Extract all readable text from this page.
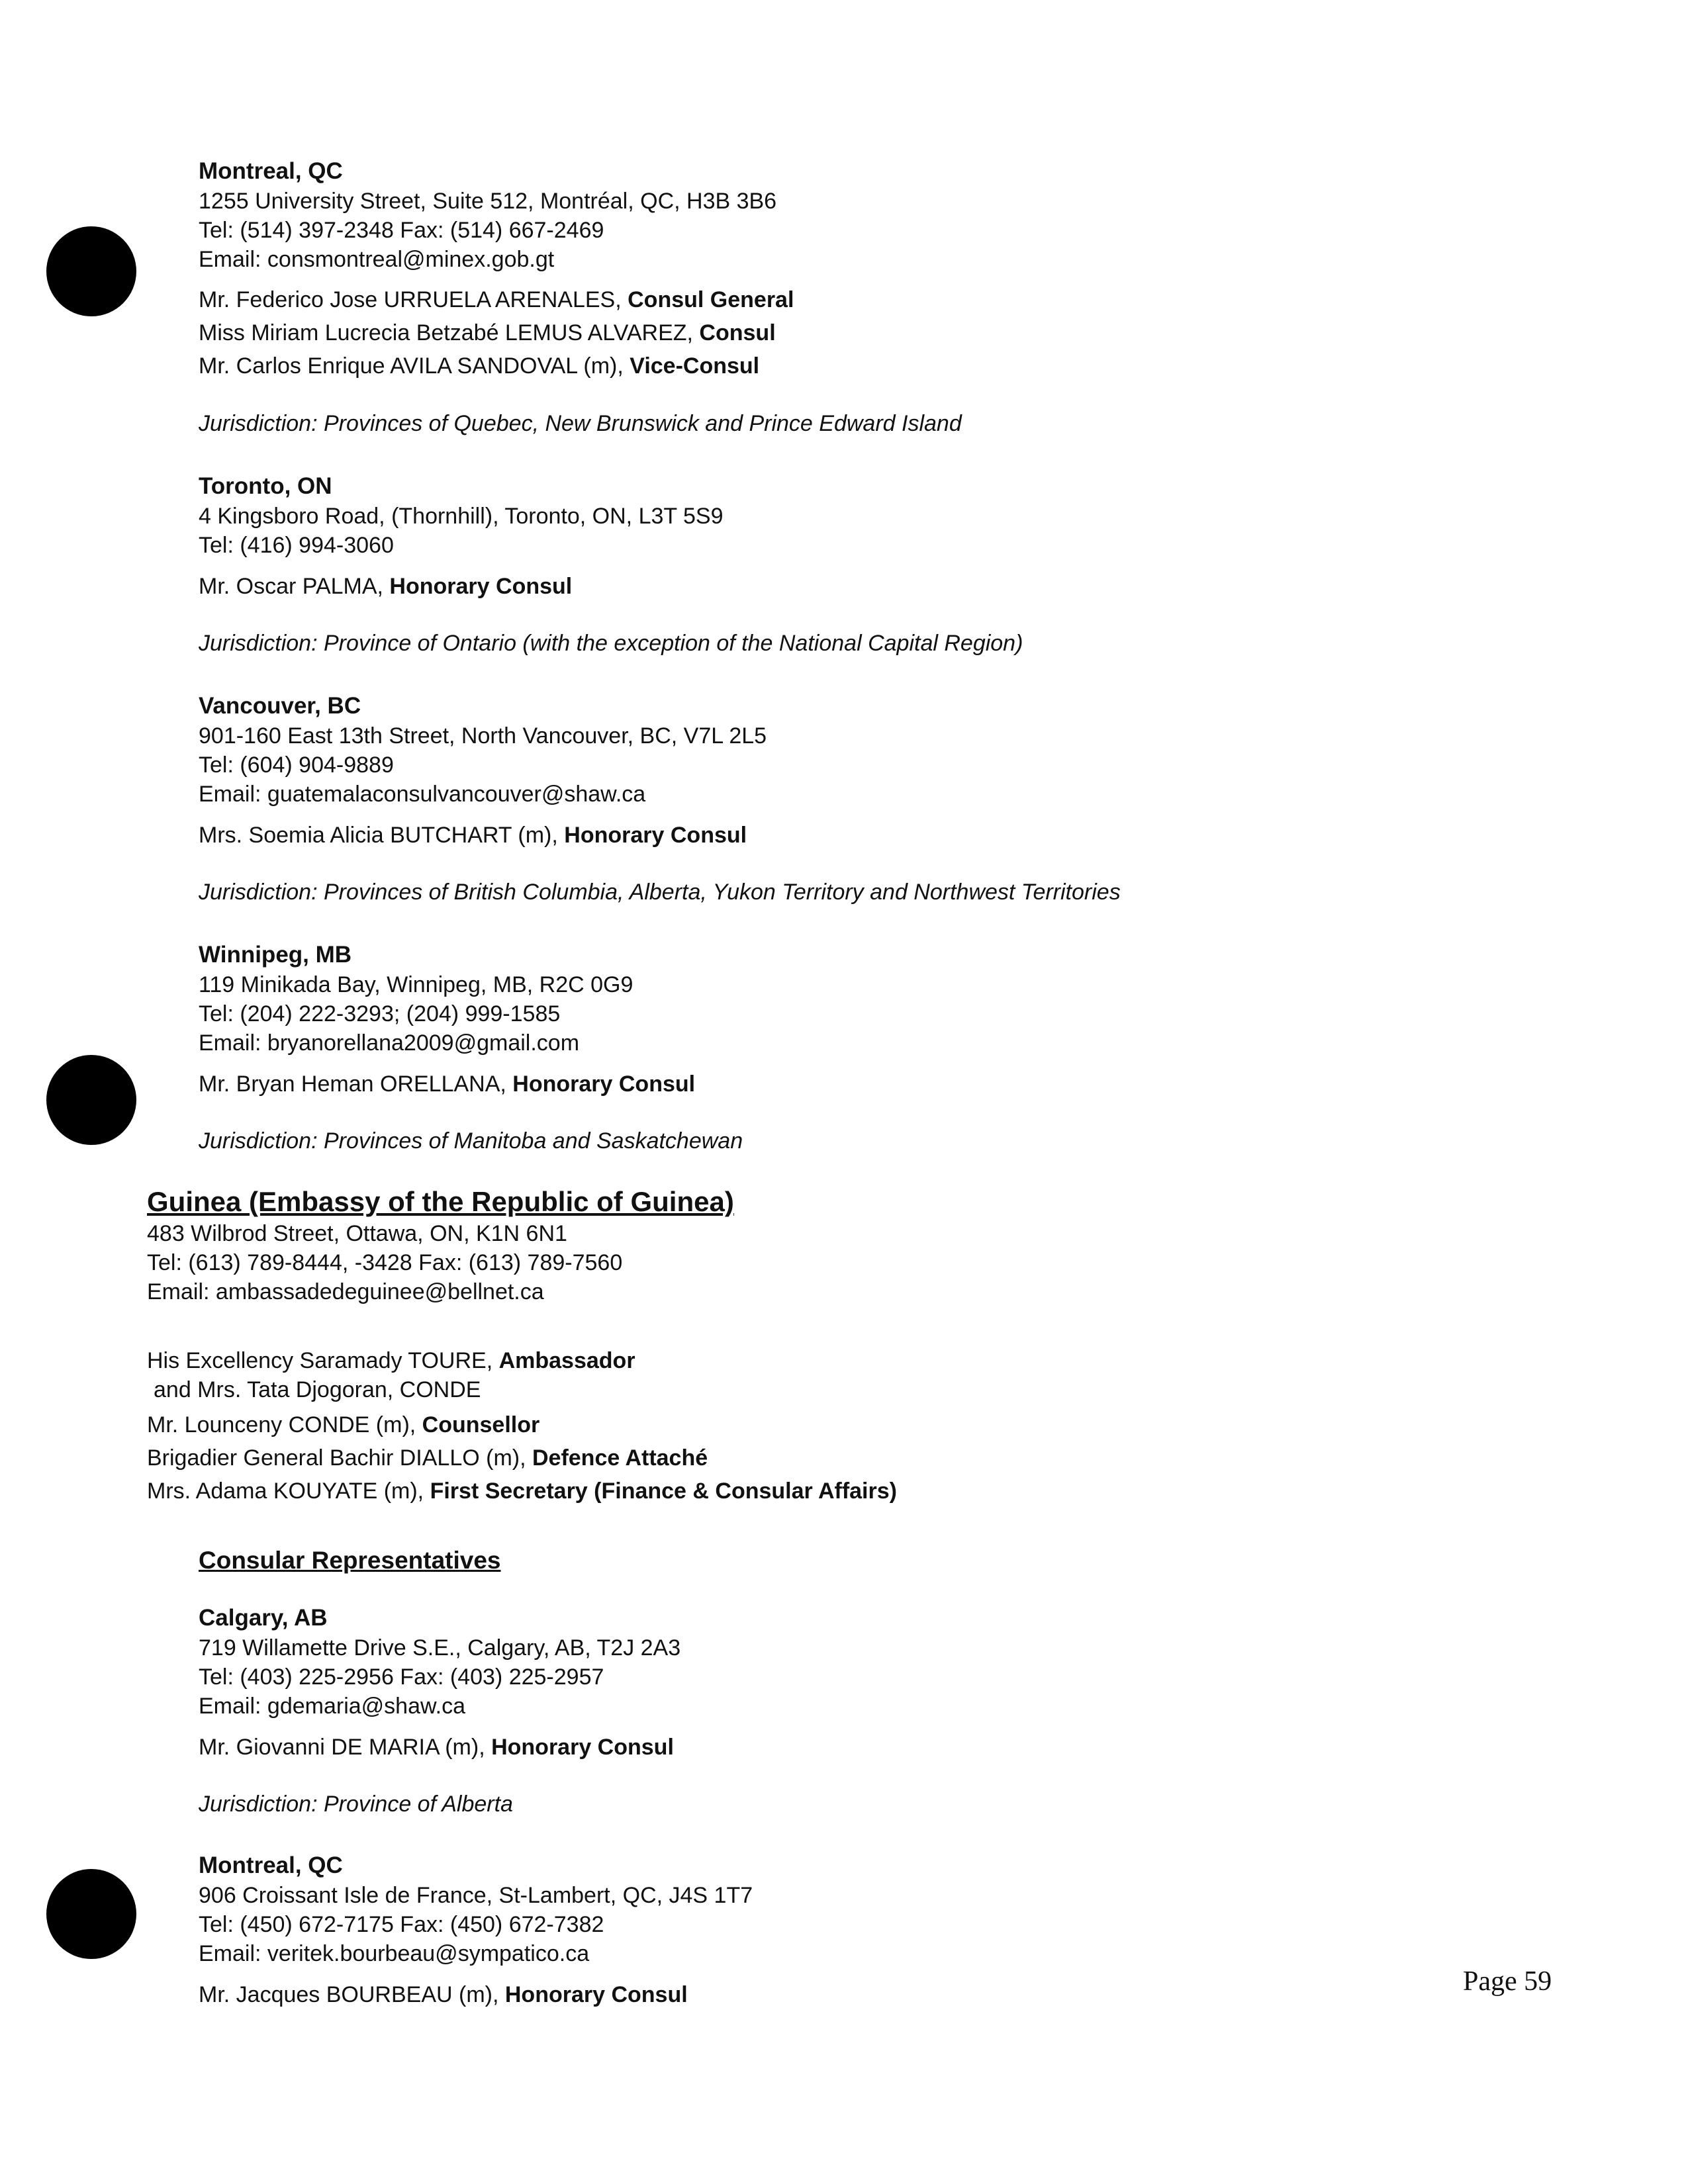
Montreal, QC
1255 University Street, Suite 512, Montréal, QC, H3B 3B6
Tel: (514) 397-2348 Fax: (514) 667-2469
Email: consmontreal@minex.gob.gt
Mr. Federico Jose URRUELA ARENALES, Consul General
Miss Miriam Lucrecia Betzabé LEMUS ALVAREZ, Consul
Mr. Carlos Enrique AVILA SANDOVAL (m), Vice-Consul
Jurisdiction: Provinces of Quebec, New Brunswick and Prince Edward Island
Toronto, ON
4 Kingsboro Road, (Thornhill), Toronto, ON, L3T 5S9
Tel: (416) 994-3060
Mr. Oscar PALMA, Honorary Consul
Jurisdiction: Province of Ontario (with the exception of the National Capital Region)
Vancouver, BC
901-160 East 13th Street, North Vancouver, BC, V7L 2L5
Tel: (604) 904-9889
Email: guatemalaconsulvancouver@shaw.ca
Mrs. Soemia Alicia BUTCHART (m), Honorary Consul
Jurisdiction: Provinces of British Columbia, Alberta, Yukon Territory and Northwest Territories
Winnipeg, MB
119 Minikada Bay, Winnipeg, MB, R2C 0G9
Tel: (204) 222-3293; (204) 999-1585
Email: bryanorellana2009@gmail.com
Mr. Bryan Heman ORELLANA, Honorary Consul
Jurisdiction: Provinces of Manitoba and Saskatchewan
Guinea (Embassy of the Republic of Guinea)
483 Wilbrod Street, Ottawa, ON, K1N 6N1
Tel: (613) 789-8444, -3428 Fax: (613) 789-7560
Email: ambassadedeguinee@bellnet.ca
His Excellency Saramady TOURE, Ambassador
and Mrs. Tata Djogoran, CONDE
Mr. Lounceny CONDE (m), Counsellor
Brigadier General Bachir DIALLO (m), Defence Attaché
Mrs. Adama KOUYATE (m), First Secretary (Finance & Consular Affairs)
Consular Representatives
Calgary, AB
719 Willamette Drive S.E., Calgary, AB, T2J 2A3
Tel: (403) 225-2956 Fax: (403) 225-2957
Email: gdemaria@shaw.ca
Mr. Giovanni DE MARIA (m), Honorary Consul
Jurisdiction: Province of Alberta
Montreal, QC
906 Croissant Isle de France, St-Lambert, QC, J4S 1T7
Tel: (450) 672-7175 Fax: (450) 672-7382
Email: veritek.bourbeau@sympatico.ca
Mr. Jacques BOURBEAU (m), Honorary Consul	Page 59
